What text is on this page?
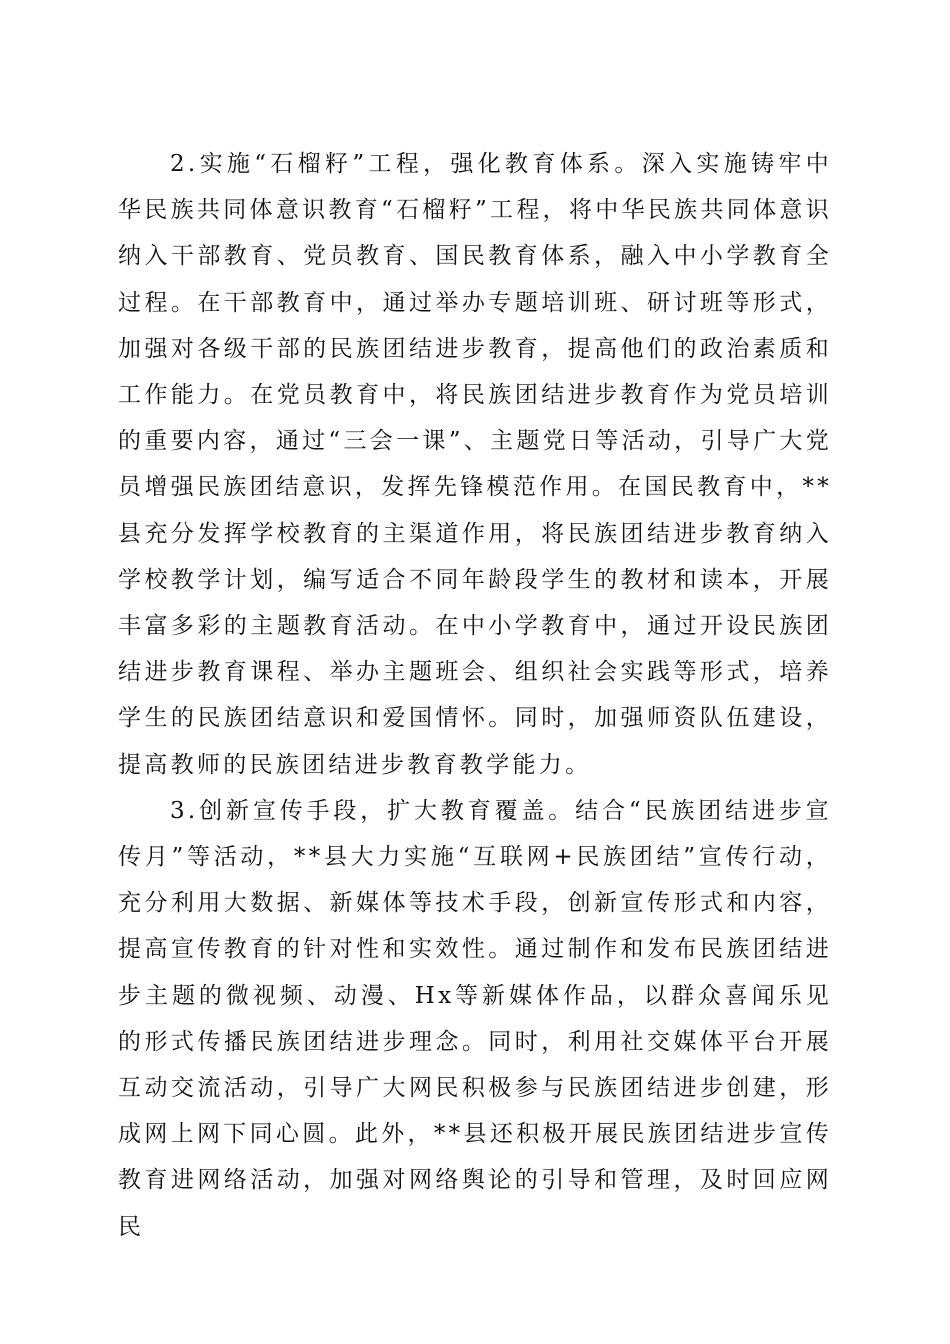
2.实施“石榴籽”工程，强化教育体系。深入实施铸牢中华民族共同体意识教育“石榴籽”工程，将中华民族共同体意识纳入干部教育、党员教育、国民教育体系，融入中小学教育全过程。在干部教育中，通过举办专题培训班、研讨班等形式，加强对各级干部的民族团结进步教育，提高他们的政治素质和工作能力。在党员教育中，将民族团结进步教育作为党员培训的重要内容，通过“三会一课”、主题党日等活动，引导广大党员增强民族团结意识，发挥先锋模范作用。在国民教育中，**县充分发挥学校教育的主渠道作用，将民族团结进步教育纳入学校教学计划，编写适合不同年龄段学生的教材和读本，开展丰富多彩的主题教育活动。在中小学教育中，通过开设民族团结进步教育课程、举办主题班会、组织社会实践等形式，培养学生的民族团结意识和爱国情怀。同时，加强师资队伍建设，提高教师的民族团结进步教育教学能力。

3.创新宣传手段，扩大教育覆盖。结合“民族团结进步宣传月”等活动，**县大力实施“互联网+民族团结”宣传行动，充分利用大数据、新媒体等技术手段，创新宣传形式和内容，提高宣传教育的针对性和实效性。通过制作和发布民族团结进步主题的微视频、动漫、Hx等新媒体作品，以群众喜闻乐见的形式传播民族团结进步理念。同时，利用社交媒体平台开展互动交流活动，引导广大网民积极参与民族团结进步创建，形成网上网下同心圆。此外，**县还积极开展民族团结进步宣传教育进网络活动，加强对网络舆论的引导和管理，及时回应网民
